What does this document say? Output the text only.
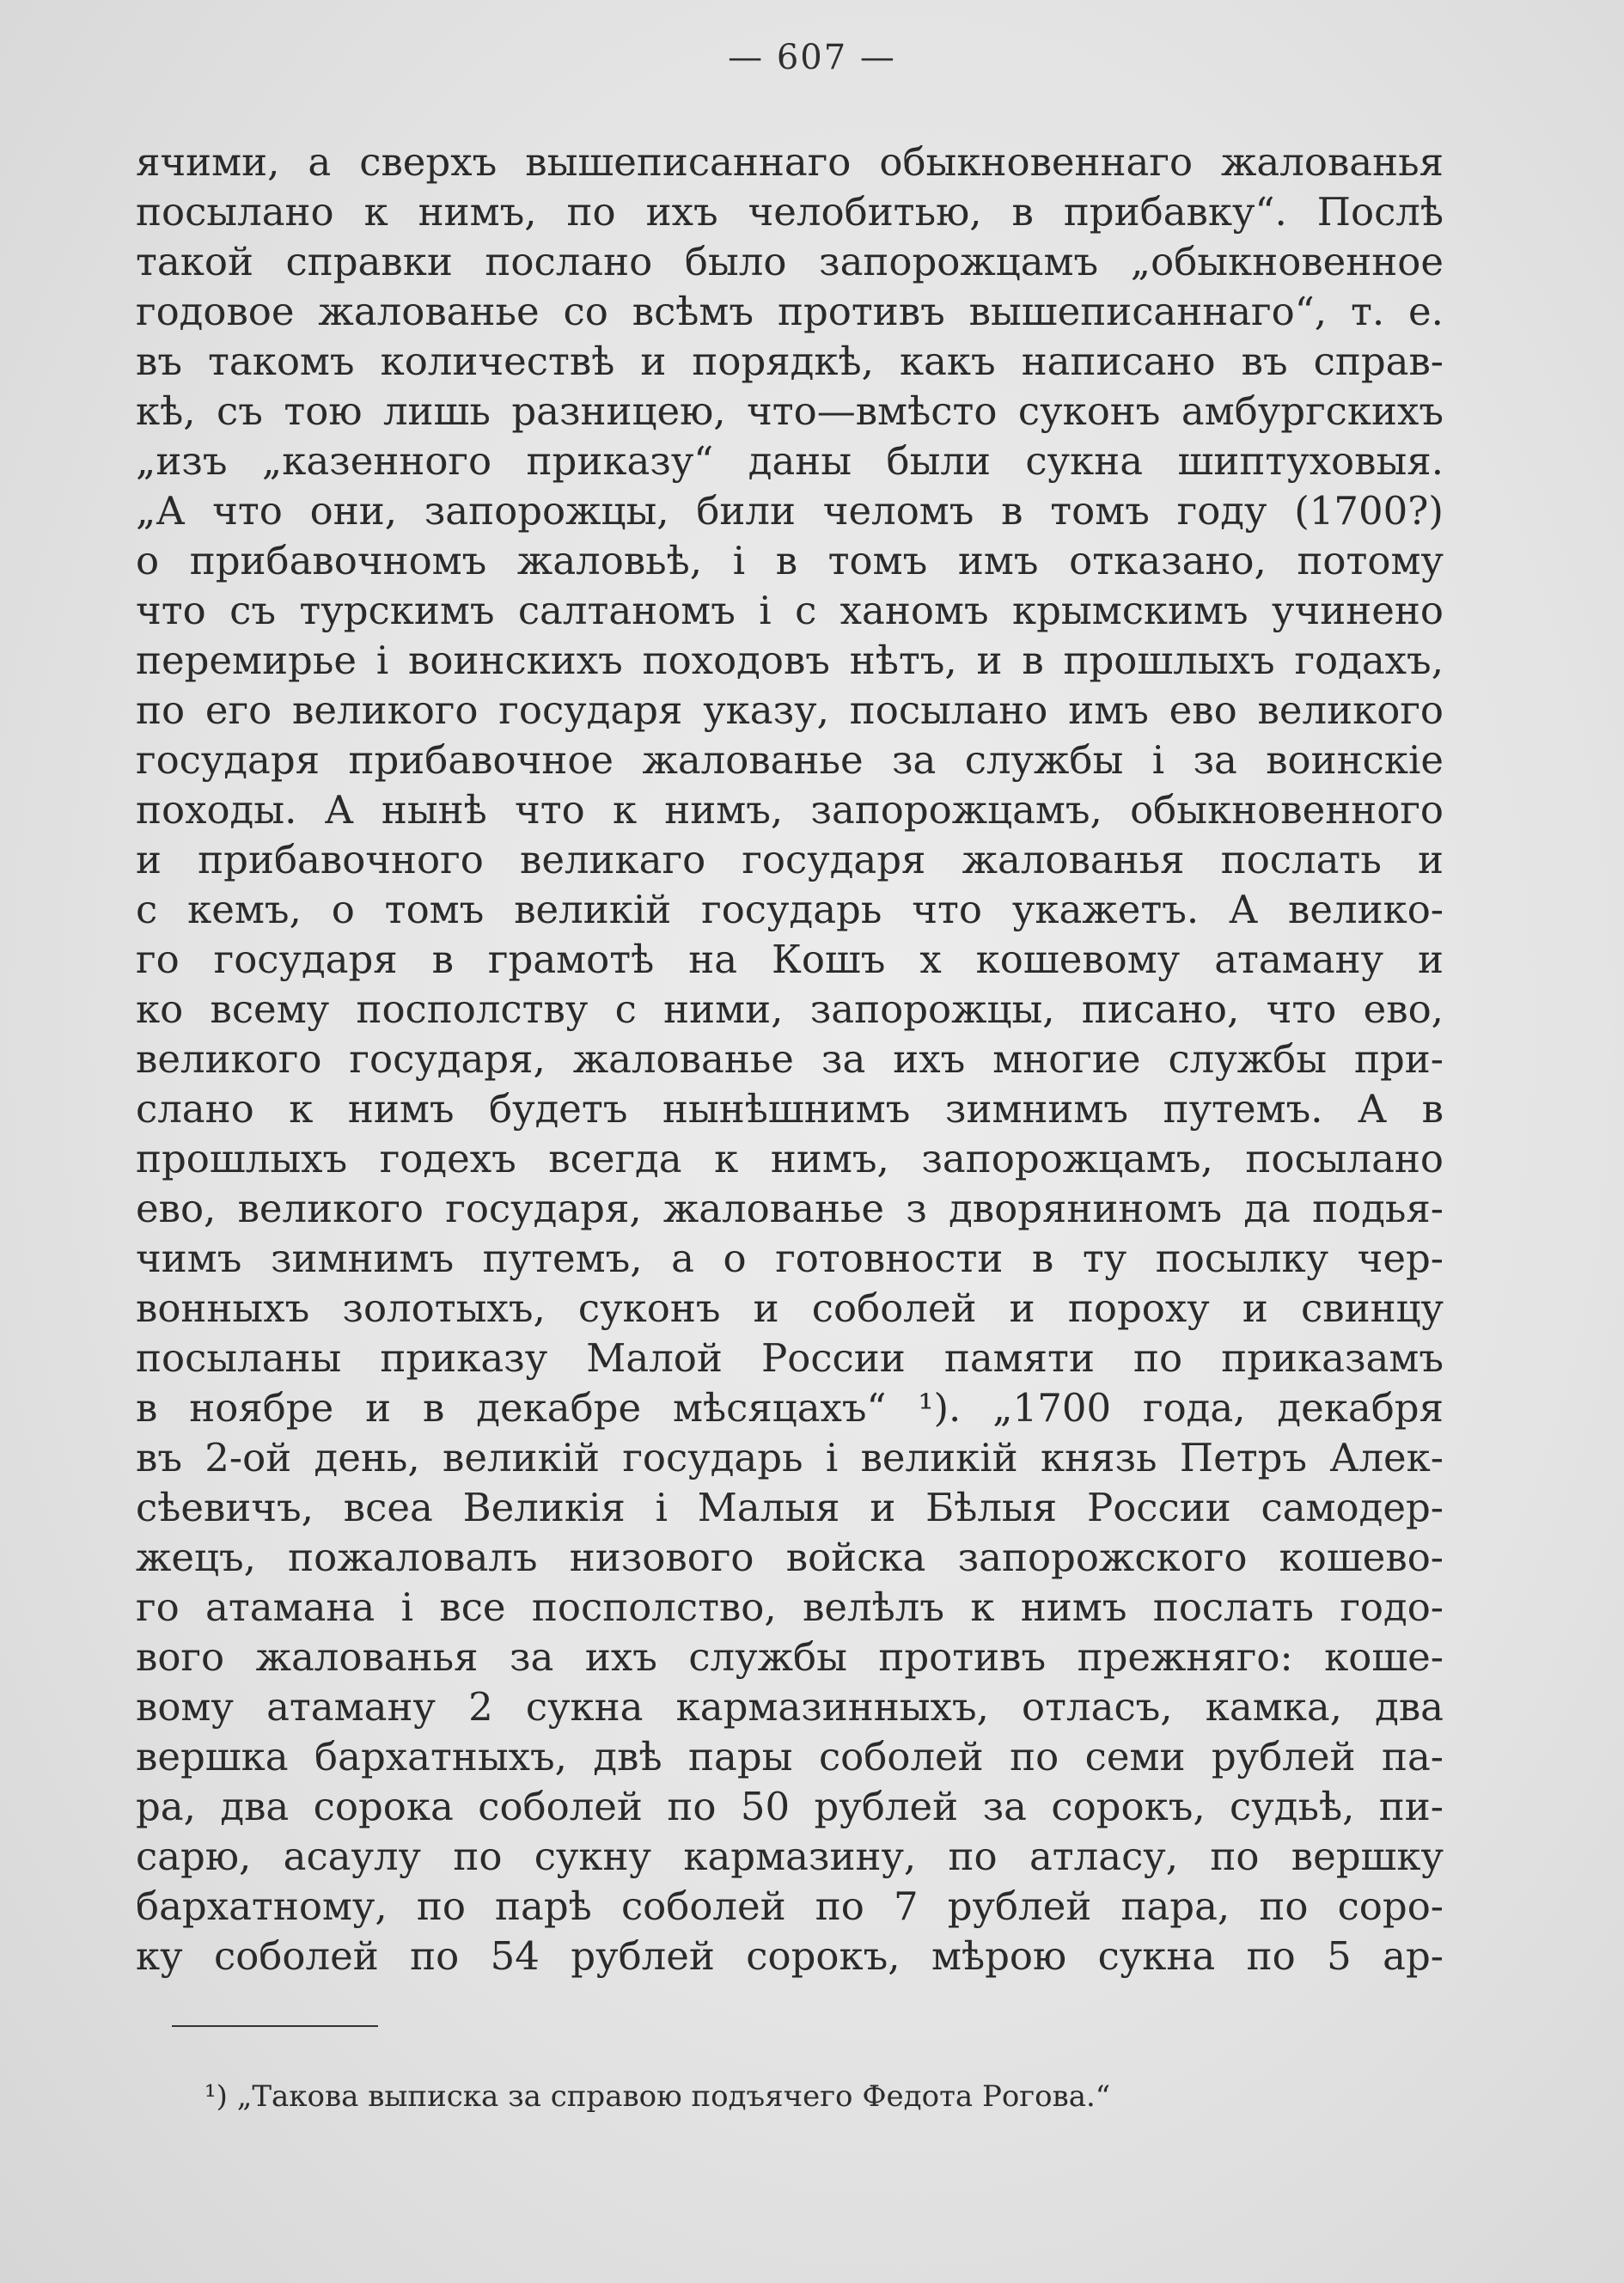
— 607 —
ячими, а сверхъ вышеписаннаго обыкновеннаго жалованья
посылано к нимъ, по ихъ челобитью, в прибавку“. Послѣ
такой справки послано было запорожцамъ „обыкновенное
годовое жалованье со всѣмъ противъ вышеписаннаго“, т. е.
въ такомъ количествѣ и порядкѣ, какъ написано въ справ-
кѣ, съ тою лишь разницею, что—вмѣсто суконъ амбургскихъ
„изъ „казенного приказу“ даны были сукна шиптуховыя.
„А что они, запорожцы, били челомъ в томъ году (1700?)
о прибавочномъ жаловьѣ, і в томъ имъ отказано, потому
что съ турскимъ салтаномъ і с ханомъ крымскимъ учинено
перемирье і воинскихъ походовъ нѣтъ, и в прошлыхъ годахъ,
по его великого государя указу, посылано имъ ево великого
государя прибавочное жалованье за службы і за воинскіе
походы. А нынѣ что к нимъ, запорожцамъ, обыкновенного
и прибавочного великаго государя жалованья послать и
с кемъ, о томъ великій государь что укажетъ. А велико-
го государя в грамотѣ на Кошъ х кошевому атаману и
ко всему посполству с ними, запорожцы, писано, что ево,
великого государя, жалованье за ихъ многие службы при-
слано к нимъ будетъ нынѣшнимъ зимнимъ путемъ. А в
прошлыхъ годехъ всегда к нимъ, запорожцамъ, посылано
ево, великого государя, жалованье з дворяниномъ да подья-
чимъ зимнимъ путемъ, а о готовности в ту посылку чер-
вонныхъ золотыхъ, суконъ и соболей и пороху и свинцу
посыланы приказу Малой России памяти по приказамъ
в ноябре и в декабре мѣсяцахъ“ ¹). „1700 года, декабря
въ 2-ой день, великій государь і великій князь Петръ Алек-
сѣевичъ, всеа Великія і Малыя и Бѣлыя России самодер-
жецъ, пожаловалъ низового войска запорожского кошево-
го атамана і все посполство, велѣлъ к нимъ послать годо-
вого жалованья за ихъ службы противъ прежняго: коше-
вому атаману 2 сукна кармазинныхъ, отласъ, камка, два
вершка бархатныхъ, двѣ пары соболей по семи рублей па-
ра, два сорока соболей по 50 рублей за сорокъ, судьѣ, пи-
сарю, асаулу по сукну кармазину, по атласу, по вершку
бархатному, по парѣ соболей по 7 рублей пара, по соро-
ку соболей по 54 рублей сорокъ, мѣрою сукна по 5 ар-
¹) „Такова выписка за справою подъячего Федота Рогова.“
